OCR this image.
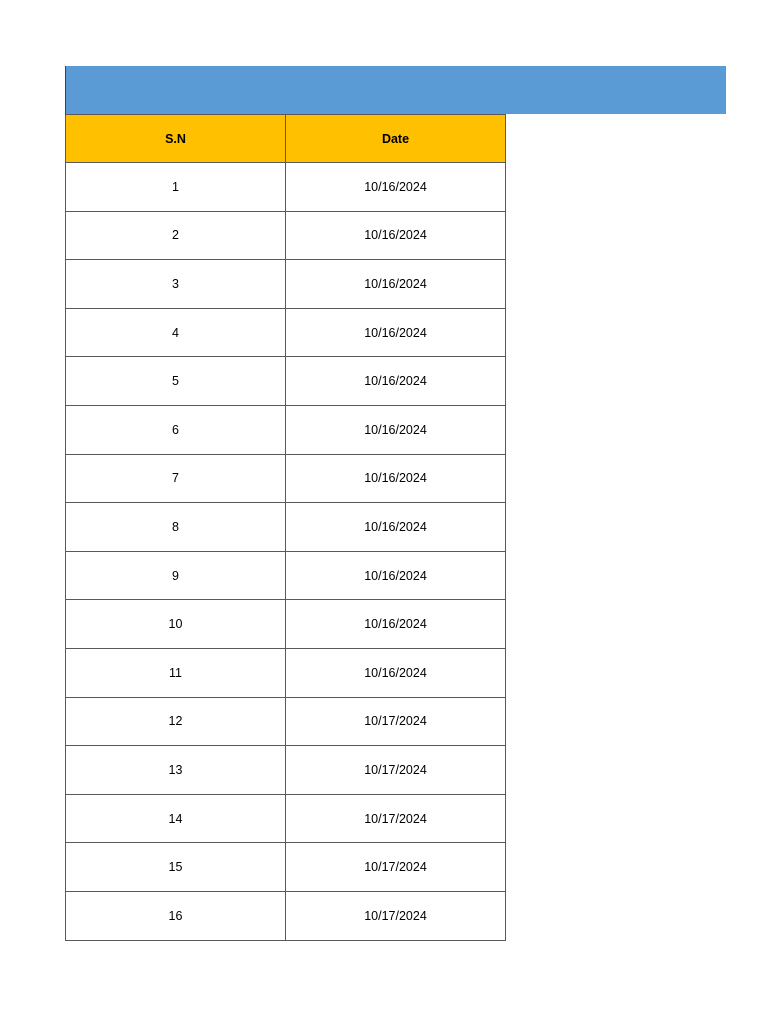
S.N	Date
1	10/16/2024
2	10/16/2024
3	10/16/2024
4	10/16/2024
5	10/16/2024
6	10/16/2024
7	10/16/2024
8	10/16/2024
9	10/16/2024
10	10/16/2024
11	10/16/2024
12	10/17/2024
13	10/17/2024
14	10/17/2024
15	10/17/2024
16	10/17/2024
